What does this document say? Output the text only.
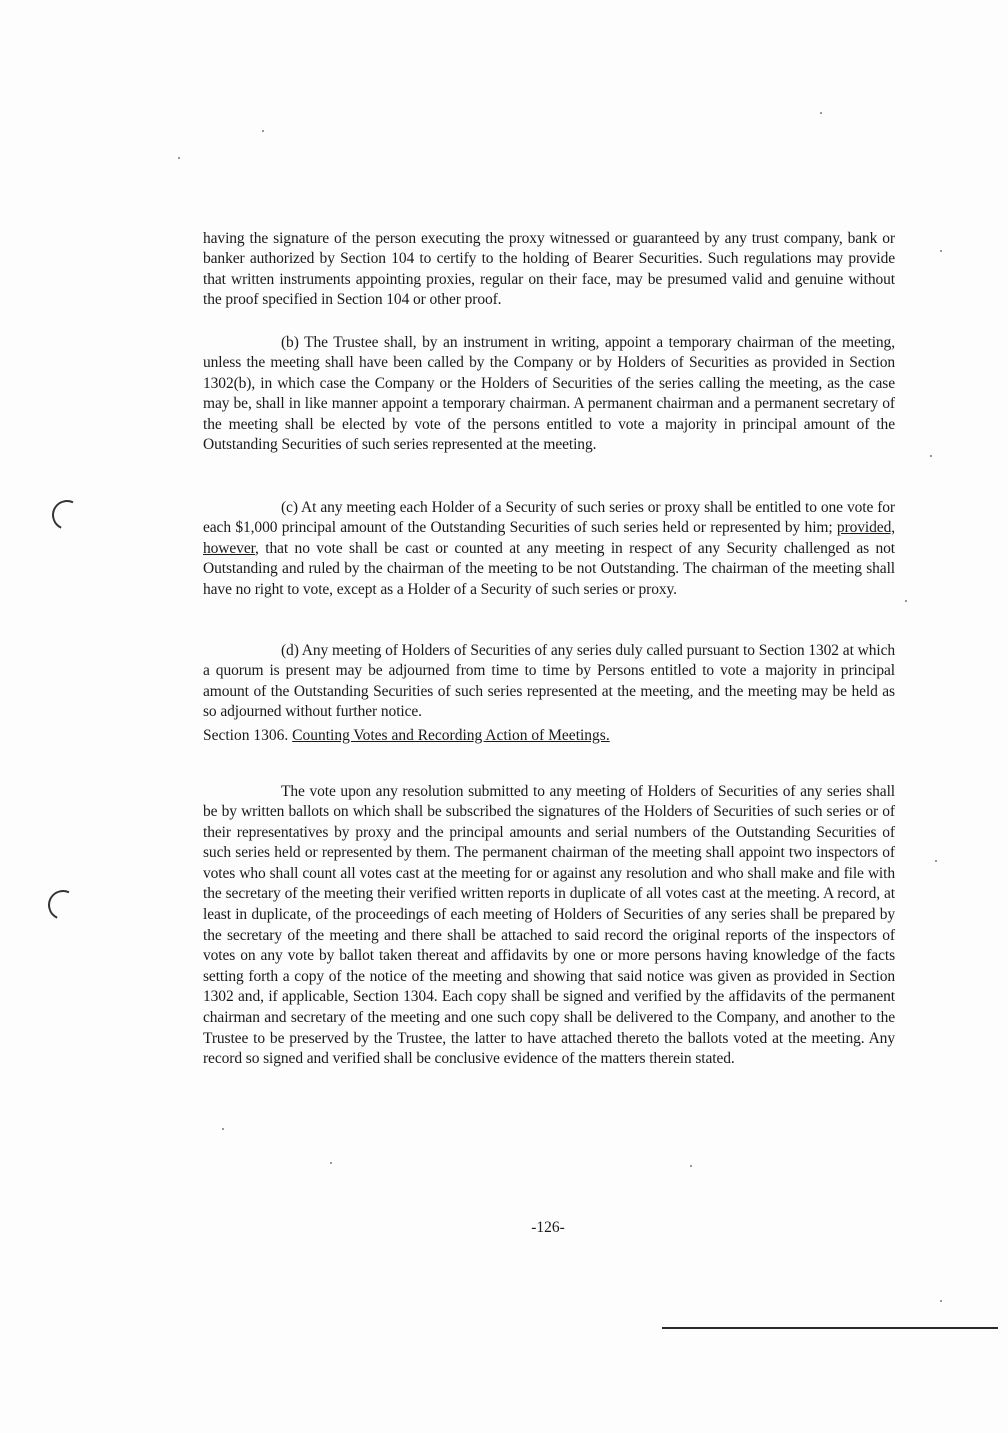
having the signature of the person executing the proxy witnessed or guaranteed by any trust company, bank or banker authorized by Section 104 to certify to the holding of Bearer Securities. Such regulations may provide that written instruments appointing proxies, regular on their face, may be presumed valid and genuine without the proof specified in Section 104 or other proof.

(b) The Trustee shall, by an instrument in writing, appoint a temporary chairman of the meeting, unless the meeting shall have been called by the Company or by Holders of Securities as provided in Section 1302(b), in which case the Company or the Holders of Securities of the series calling the meeting, as the case may be, shall in like manner appoint a temporary chairman. A permanent chairman and a permanent secretary of the meeting shall be elected by vote of the persons entitled to vote a majority in principal amount of the Outstanding Securities of such series represented at the meeting.

(c) At any meeting each Holder of a Security of such series or proxy shall be entitled to one vote for each $1,000 principal amount of the Outstanding Securities of such series held or represented by him; provided, however, that no vote shall be cast or counted at any meeting in respect of any Security challenged as not Outstanding and ruled by the chairman of the meeting to be not Outstanding. The chairman of the meeting shall have no right to vote, except as a Holder of a Security of such series or proxy.

(d) Any meeting of Holders of Securities of any series duly called pursuant to Section 1302 at which a quorum is present may be adjourned from time to time by Persons entitled to vote a majority in principal amount of the Outstanding Securities of such series represented at the meeting, and the meeting may be held as so adjourned without further notice.

Section 1306. Counting Votes and Recording Action of Meetings.

The vote upon any resolution submitted to any meeting of Holders of Securities of any series shall be by written ballots on which shall be subscribed the signatures of the Holders of Securities of such series or of their representatives by proxy and the principal amounts and serial numbers of the Outstanding Securities of such series held or represented by them. The permanent chairman of the meeting shall appoint two inspectors of votes who shall count all votes cast at the meeting for or against any resolution and who shall make and file with the secretary of the meeting their verified written reports in duplicate of all votes cast at the meeting. A record, at least in duplicate, of the proceedings of each meeting of Holders of Securities of any series shall be prepared by the secretary of the meeting and there shall be attached to said record the original reports of the inspectors of votes on any vote by ballot taken thereat and affidavits by one or more persons having knowledge of the facts setting forth a copy of the notice of the meeting and showing that said notice was given as provided in Section 1302 and, if applicable, Section 1304. Each copy shall be signed and verified by the affidavits of the permanent chairman and secretary of the meeting and one such copy shall be delivered to the Company, and another to the Trustee to be preserved by the Trustee, the latter to have attached thereto the ballots voted at the meeting. Any record so signed and verified shall be conclusive evidence of the matters therein stated.

-126-
